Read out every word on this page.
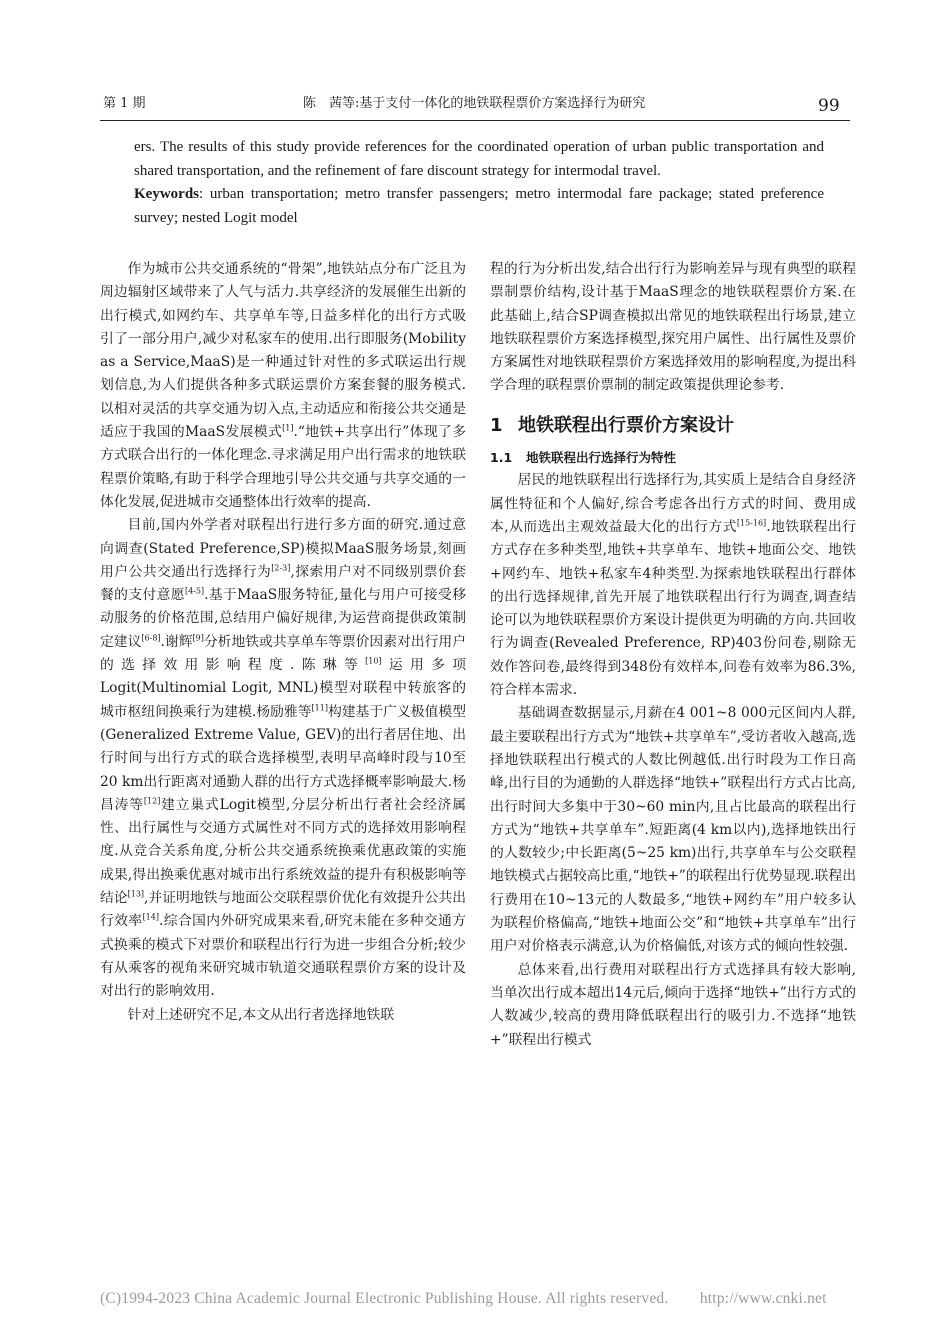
第 1 期	陈　茜等:基于支付一体化的地铁联程票价方案选择行为研究	99

ers. The results of this study provide references for the coordinated operation of urban public transportation and shared transportation, and the refinement of fare discount strategy for intermodal travel.

Keywords: urban transportation; metro transfer passengers; metro intermodal fare package; stated preference survey; nested Logit model

作为城市公共交通系统的“骨架”,地铁站点分布广泛且为周边辐射区域带来了人气与活力.共享经济的发展催生出新的出行模式,如网约车、共享单车等,日益多样化的出行方式吸引了一部分用户,减少对私家车的使用.出行即服务(Mobility as a Service,MaaS)是一种通过针对性的多式联运出行规划信息,为人们提供各种多式联运票价方案套餐的服务模式.以相对灵活的共享交通为切入点,主动适应和衔接公共交通是适应于我国的MaaS发展模式[1].“地铁+共享出行”体现了多方式联合出行的一体化理念.寻求满足用户出行需求的地铁联程票价策略,有助于科学合理地引导公共交通与共享交通的一体化发展,促进城市交通整体出行效率的提高.

目前,国内外学者对联程出行进行多方面的研究.通过意向调查(Stated Preference,SP)模拟MaaS服务场景,刻画用户公共交通出行选择行为[2-3],探索用户对不同级别票价套餐的支付意愿[4-5].基于MaaS服务特征,量化与用户可接受移动服务的价格范围,总结用户偏好规律,为运营商提供政策制定建议[6-8].谢辉[9]分析地铁或共享单车等票价因素对出行用户的选择效用影响程度.陈琳等[10]运用多项Logit(Multinomial Logit, MNL)模型对联程中转旅客的城市枢纽间换乘行为建模.杨励雅等[11]构建基于广义极值模型(Generalized Extreme Value, GEV)的出行者居住地、出行时间与出行方式的联合选择模型,表明早高峰时段与10至20 km出行距离对通勤人群的出行方式选择概率影响最大.杨昌涛等[12]建立巢式Logit模型,分层分析出行者社会经济属性、出行属性与交通方式属性对不同方式的选择效用影响程度.从竞合关系角度,分析公共交通系统换乘优惠政策的实施成果,得出换乘优惠对城市出行系统效益的提升有积极影响等结论[13],并证明地铁与地面公交联程票价优化有效提升公共出行效率[14].综合国内外研究成果来看,研究未能在多种交通方式换乘的模式下对票价和联程出行行为进一步组合分析;较少有从乘客的视角来研究城市轨道交通联程票价方案的设计及对出行的影响效用.

针对上述研究不足,本文从出行者选择地铁联

程的行为分析出发,结合出行行为影响差异与现有典型的联程票制票价结构,设计基于MaaS理念的地铁联程票价方案.在此基础上,结合SP调查模拟出常见的地铁联程出行场景,建立地铁联程票价方案选择模型,探究用户属性、出行属性及票价方案属性对地铁联程票价方案选择效用的影响程度,为提出科学合理的联程票价票制的制定政策提供理论参考.

1 地铁联程出行票价方案设计
1.1 地铁联程出行选择行为特性

居民的地铁联程出行选择行为,其实质上是结合自身经济属性特征和个人偏好,综合考虑各出行方式的时间、费用成本,从而选出主观效益最大化的出行方式[15-16].地铁联程出行方式存在多种类型,地铁+共享单车、地铁+地面公交、地铁+网约车、地铁+私家车4种类型.为探索地铁联程出行群体的出行选择规律,首先开展了地铁联程出行行为调查,调查结论可以为地铁联程票价方案设计提供更为明确的方向.共回收行为调查(Revealed Preference, RP)403份问卷,剔除无效作答问卷,最终得到348份有效样本,问卷有效率为86.3%,符合样本需求.

基础调查数据显示,月薪在4 001~8 000元区间内人群,最主要联程出行方式为“地铁+共享单车”,受访者收入越高,选择地铁联程出行模式的人数比例越低.出行时段为工作日高峰,出行目的为通勤的人群选择“地铁+”联程出行方式占比高,出行时间大多集中于30~60 min内,且占比最高的联程出行方式为“地铁+共享单车”.短距离(4 km以内),选择地铁出行的人数较少;中长距离(5~25 km)出行,共享单车与公交联程地铁模式占据较高比重,“地铁+”的联程出行优势显现.联程出行费用在10~13元的人数最多,“地铁+网约车”用户较多认为联程价格偏高,“地铁+地面公交”和“地铁+共享单车”出行用户对价格表示满意,认为价格偏低,对该方式的倾向性较强.

总体来看,出行费用对联程出行方式选择具有较大影响,当单次出行成本超出14元后,倾向于选择“地铁+”出行方式的人数减少,较高的费用降低联程出行的吸引力.不选择“地铁+”联程出行模式

(C)1994-2023 China Academic Journal Electronic Publishing House. All rights reserved.　　http://www.cnki.net
